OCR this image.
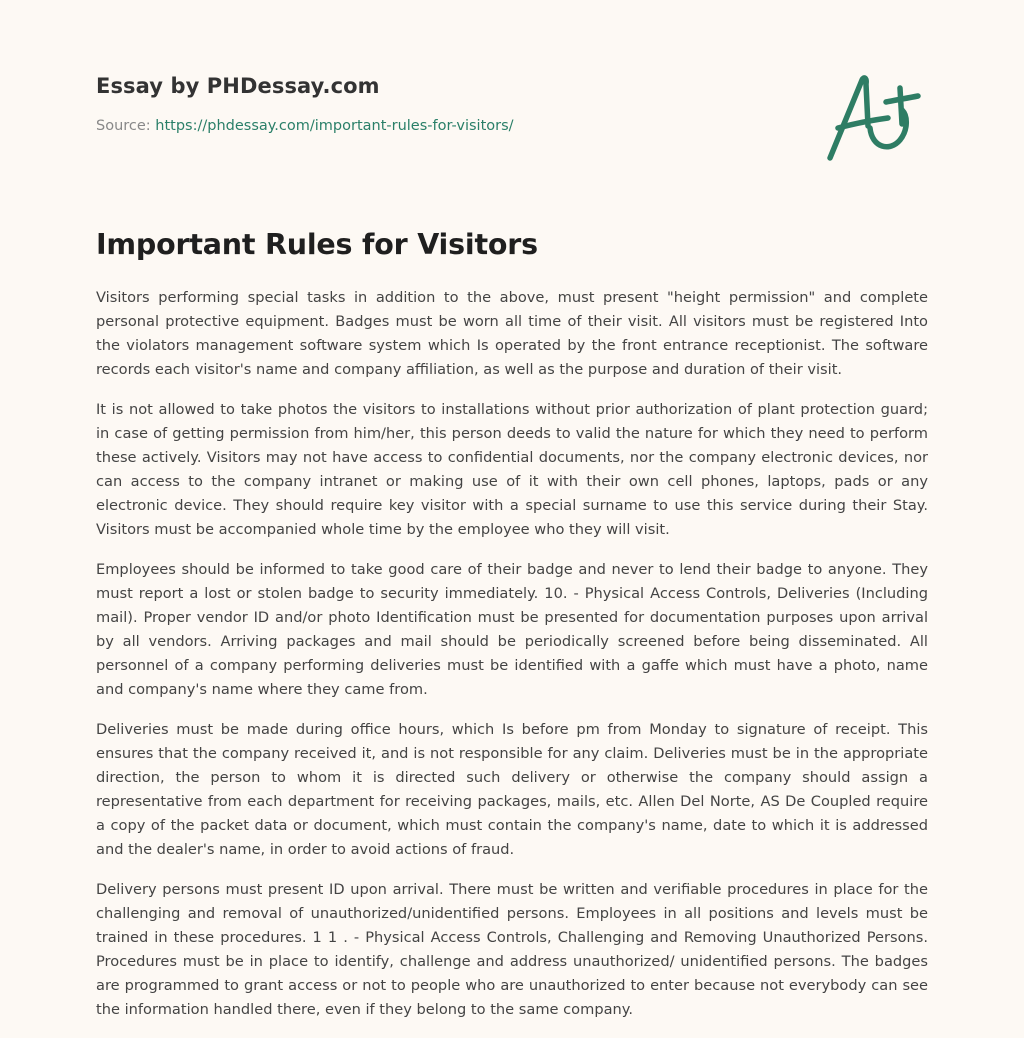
Essay by PHDessay.com
Source: https://phdessay.com/important-rules-for-visitors/
Important Rules for Visitors

Visitors performing special tasks in addition to the above, must present "height permission" and complete personal protective equipment. Badges must be worn all time of their visit. All visitors must be registered Into the violators management software system which Is operated by the front entrance receptionist. The software records each visitor's name and company affiliation, as well as the purpose and duration of their visit.

It is not allowed to take photos the visitors to installations without prior authorization of plant protection guard; in case of getting permission from him/her, this person deeds to valid the nature for which they need to perform these actively. Visitors may not have access to confidential documents, nor the company electronic devices, nor can access to the company intranet or making use of it with their own cell phones, laptops, pads or any electronic device. They should require key visitor with a special surname to use this service during their Stay. Visitors must be accompanied whole time by the employee who they will visit.

Employees should be informed to take good care of their badge and never to lend their badge to anyone. They must report a lost or stolen badge to security immediately. 10. - Physical Access Controls, Deliveries (Including mail). Proper vendor ID and/or photo Identification must be presented for documentation purposes upon arrival by all vendors. Arriving packages and mail should be periodically screened before being disseminated. All personnel of a company performing deliveries must be identified with a gaffe which must have a photo, name and company's name where they came from.

Deliveries must be made during office hours, which Is before pm from Monday to signature of receipt. This ensures that the company received it, and is not responsible for any claim. Deliveries must be in the appropriate direction, the person to whom it is directed such delivery or otherwise the company should assign a representative from each department for receiving packages, mails, etc. Allen Del Norte, AS De Coupled require a copy of the packet data or document, which must contain the company's name, date to which it is addressed and the dealer's name, in order to avoid actions of fraud.

Delivery persons must present ID upon arrival. There must be written and verifiable procedures in place for the challenging and removal of unauthorized/unidentified persons. Employees in all positions and levels must be trained in these procedures. 1 1 . - Physical Access Controls, Challenging and Removing Unauthorized Persons. Procedures must be in place to identify, challenge and address unauthorized/ unidentified persons. The badges are programmed to grant access or not to people who are unauthorized to enter because not everybody can see the information handled there, even if they belong to the same company.
